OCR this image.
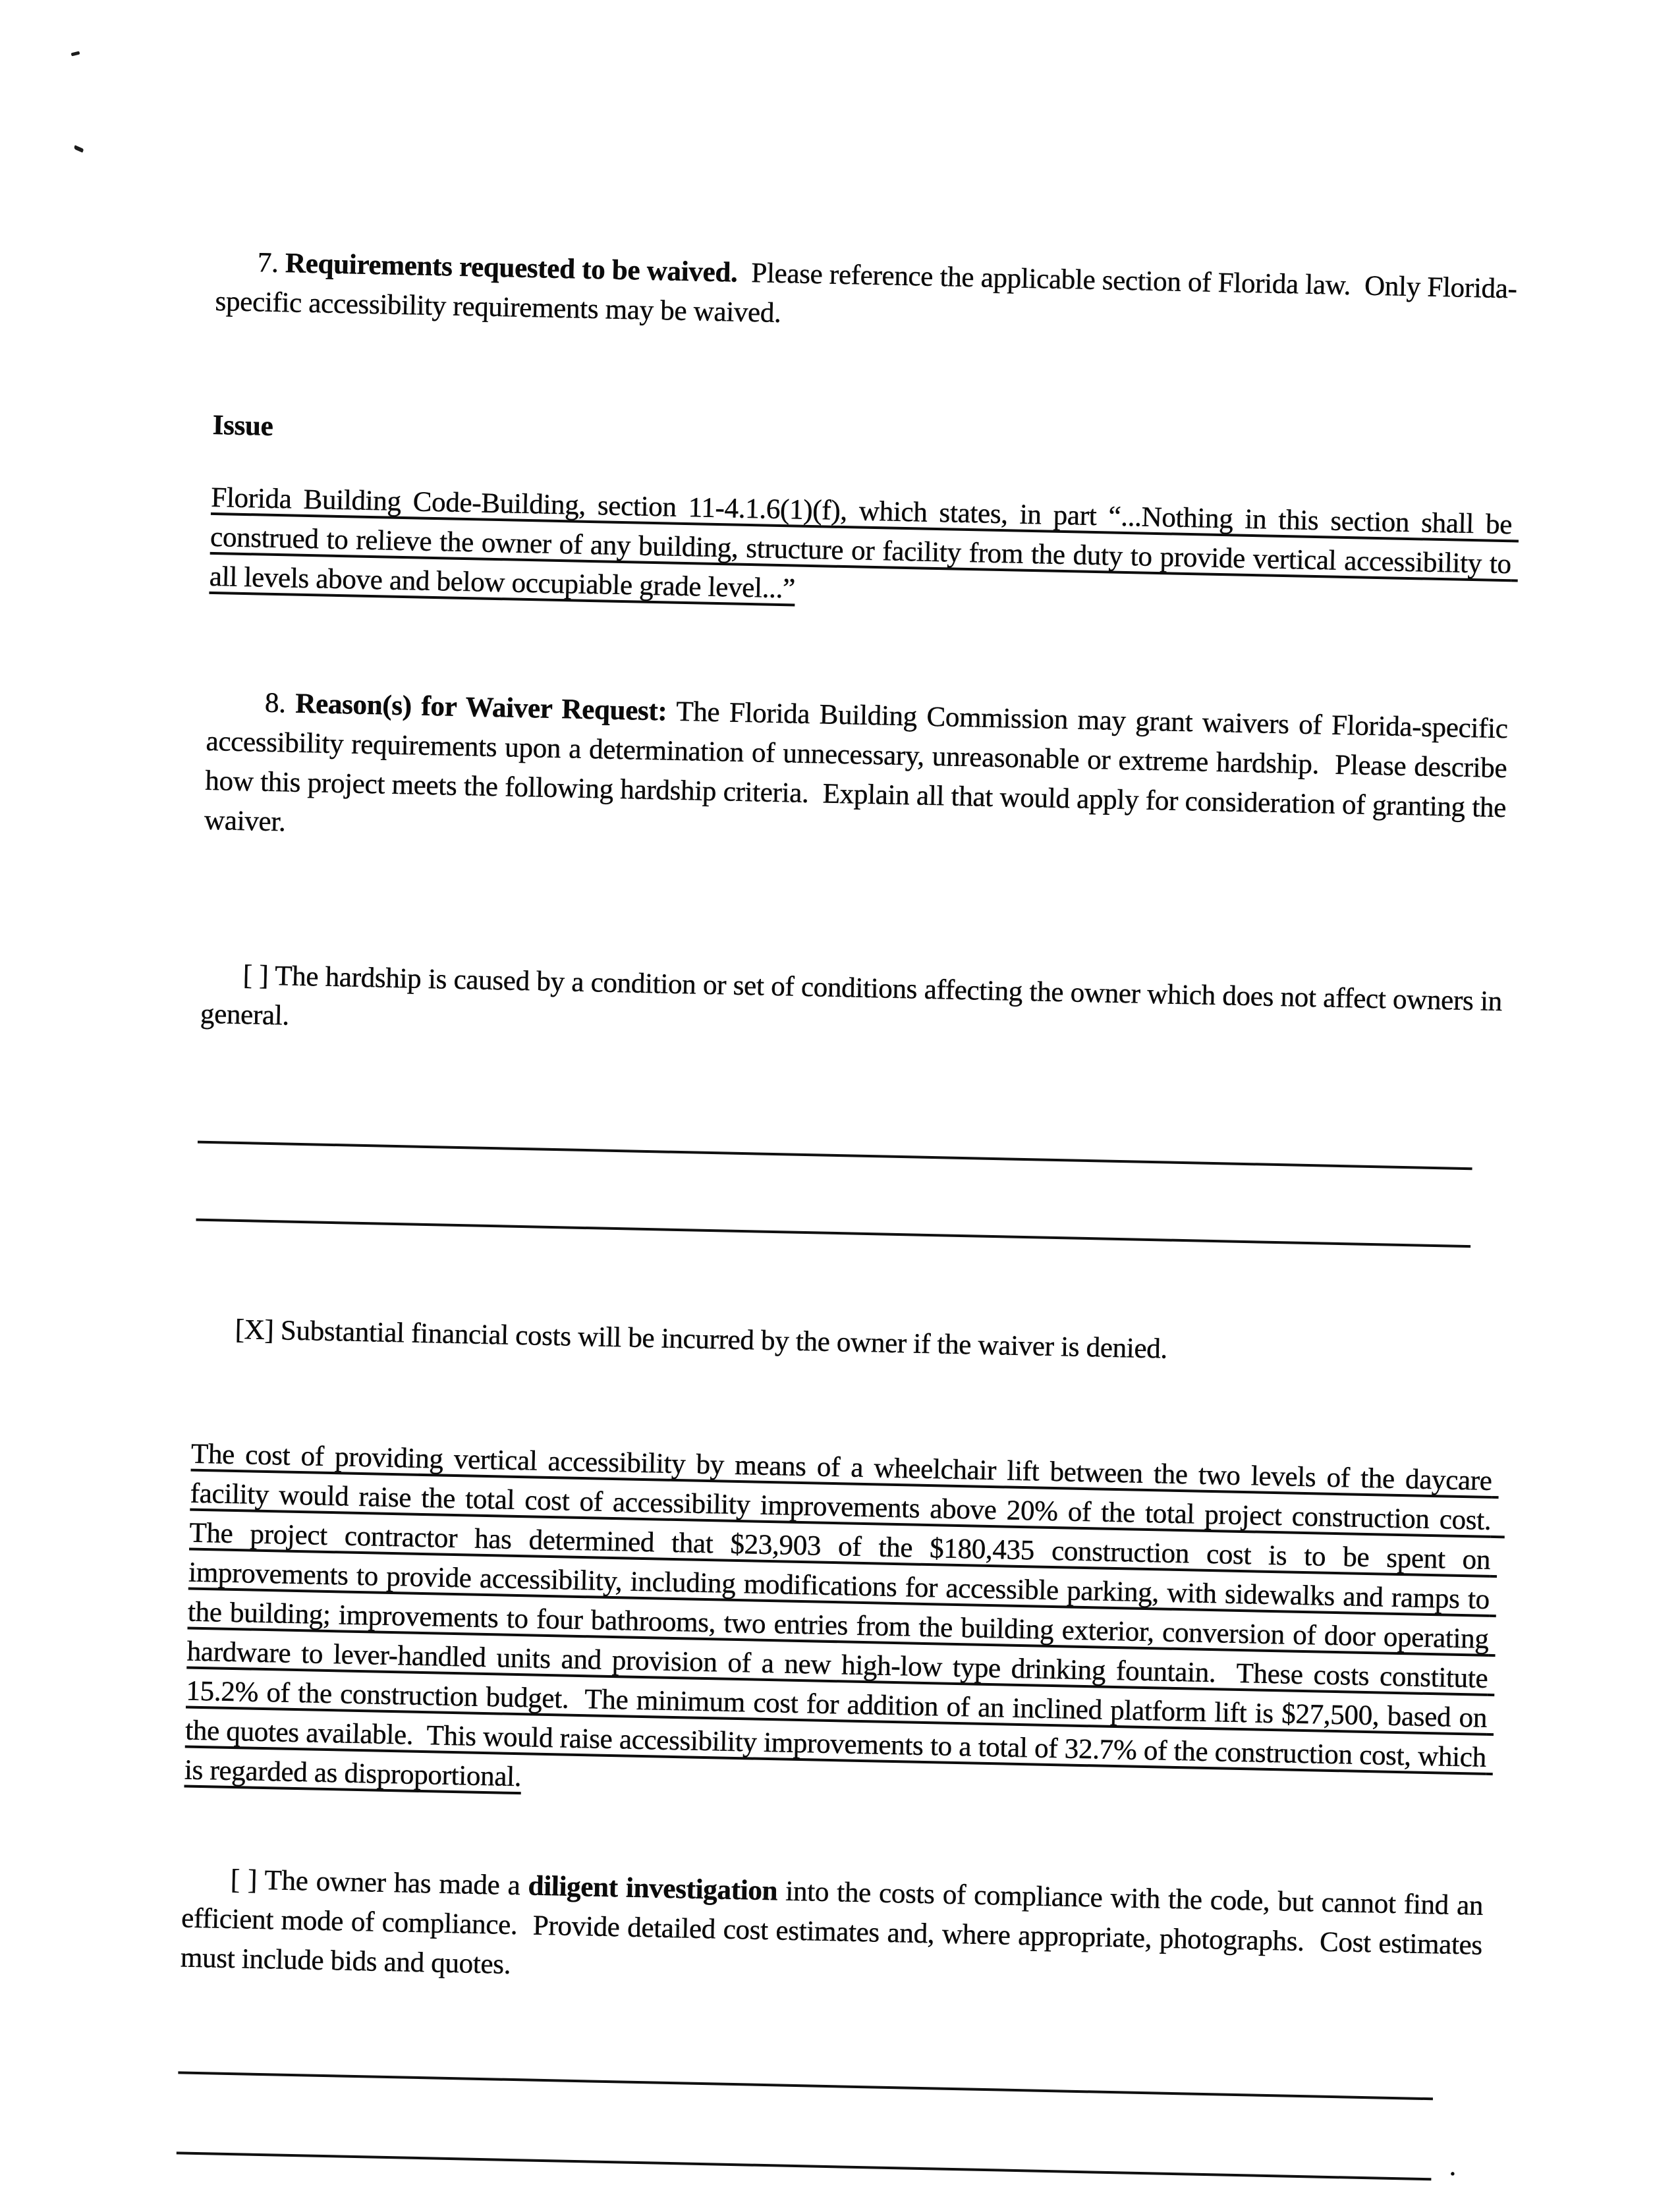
7. Requirements requested to be waived.  Please reference the applicable section of Florida law.  Only Florida-specific accessibility requirements may be waived.

Issue

Florida Building Code-Building, section 11-4.1.6(1)(f), which states, in part “...Nothing in this section shall be construed to relieve the owner of any building, structure or facility from the duty to provide vertical accessibility to all levels above and below occupiable grade level...”

8. Reason(s) for Waiver Request: The Florida Building Commission may grant waivers of Florida-specific accessibility requirements upon a determination of unnecessary, unreasonable or extreme hardship.  Please describe how this project meets the following hardship criteria.  Explain all that would apply for consideration of granting the waiver.

[ ] The hardship is caused by a condition or set of conditions affecting the owner which does not affect owners in general.

[X] Substantial financial costs will be incurred by the owner if the waiver is denied.

The cost of providing vertical accessibility by means of a wheelchair lift between the two levels of the daycare facility would raise the total cost of accessibility improvements above 20% of the total project construction cost.  The project contractor has determined that $23,903 of the $180,435 construction cost is to be spent on improvements to provide accessibility, including modifications for accessible parking, with sidewalks and ramps to the building; improvements to four bathrooms, two entries from the building exterior, conversion of door operating hardware to lever-handled units and provision of a new high-low type drinking fountain.  These costs constitute 15.2% of the construction budget.  The minimum cost for addition of an inclined platform lift is $27,500, based on the quotes available.  This would raise accessibility improvements to a total of 32.7% of the construction cost, which is regarded as disproportional.

[ ] The owner has made a diligent investigation into the costs of compliance with the code, but cannot find an efficient mode of compliance.  Provide detailed cost estimates and, where appropriate, photographs.  Cost estimates must include bids and quotes.

.
